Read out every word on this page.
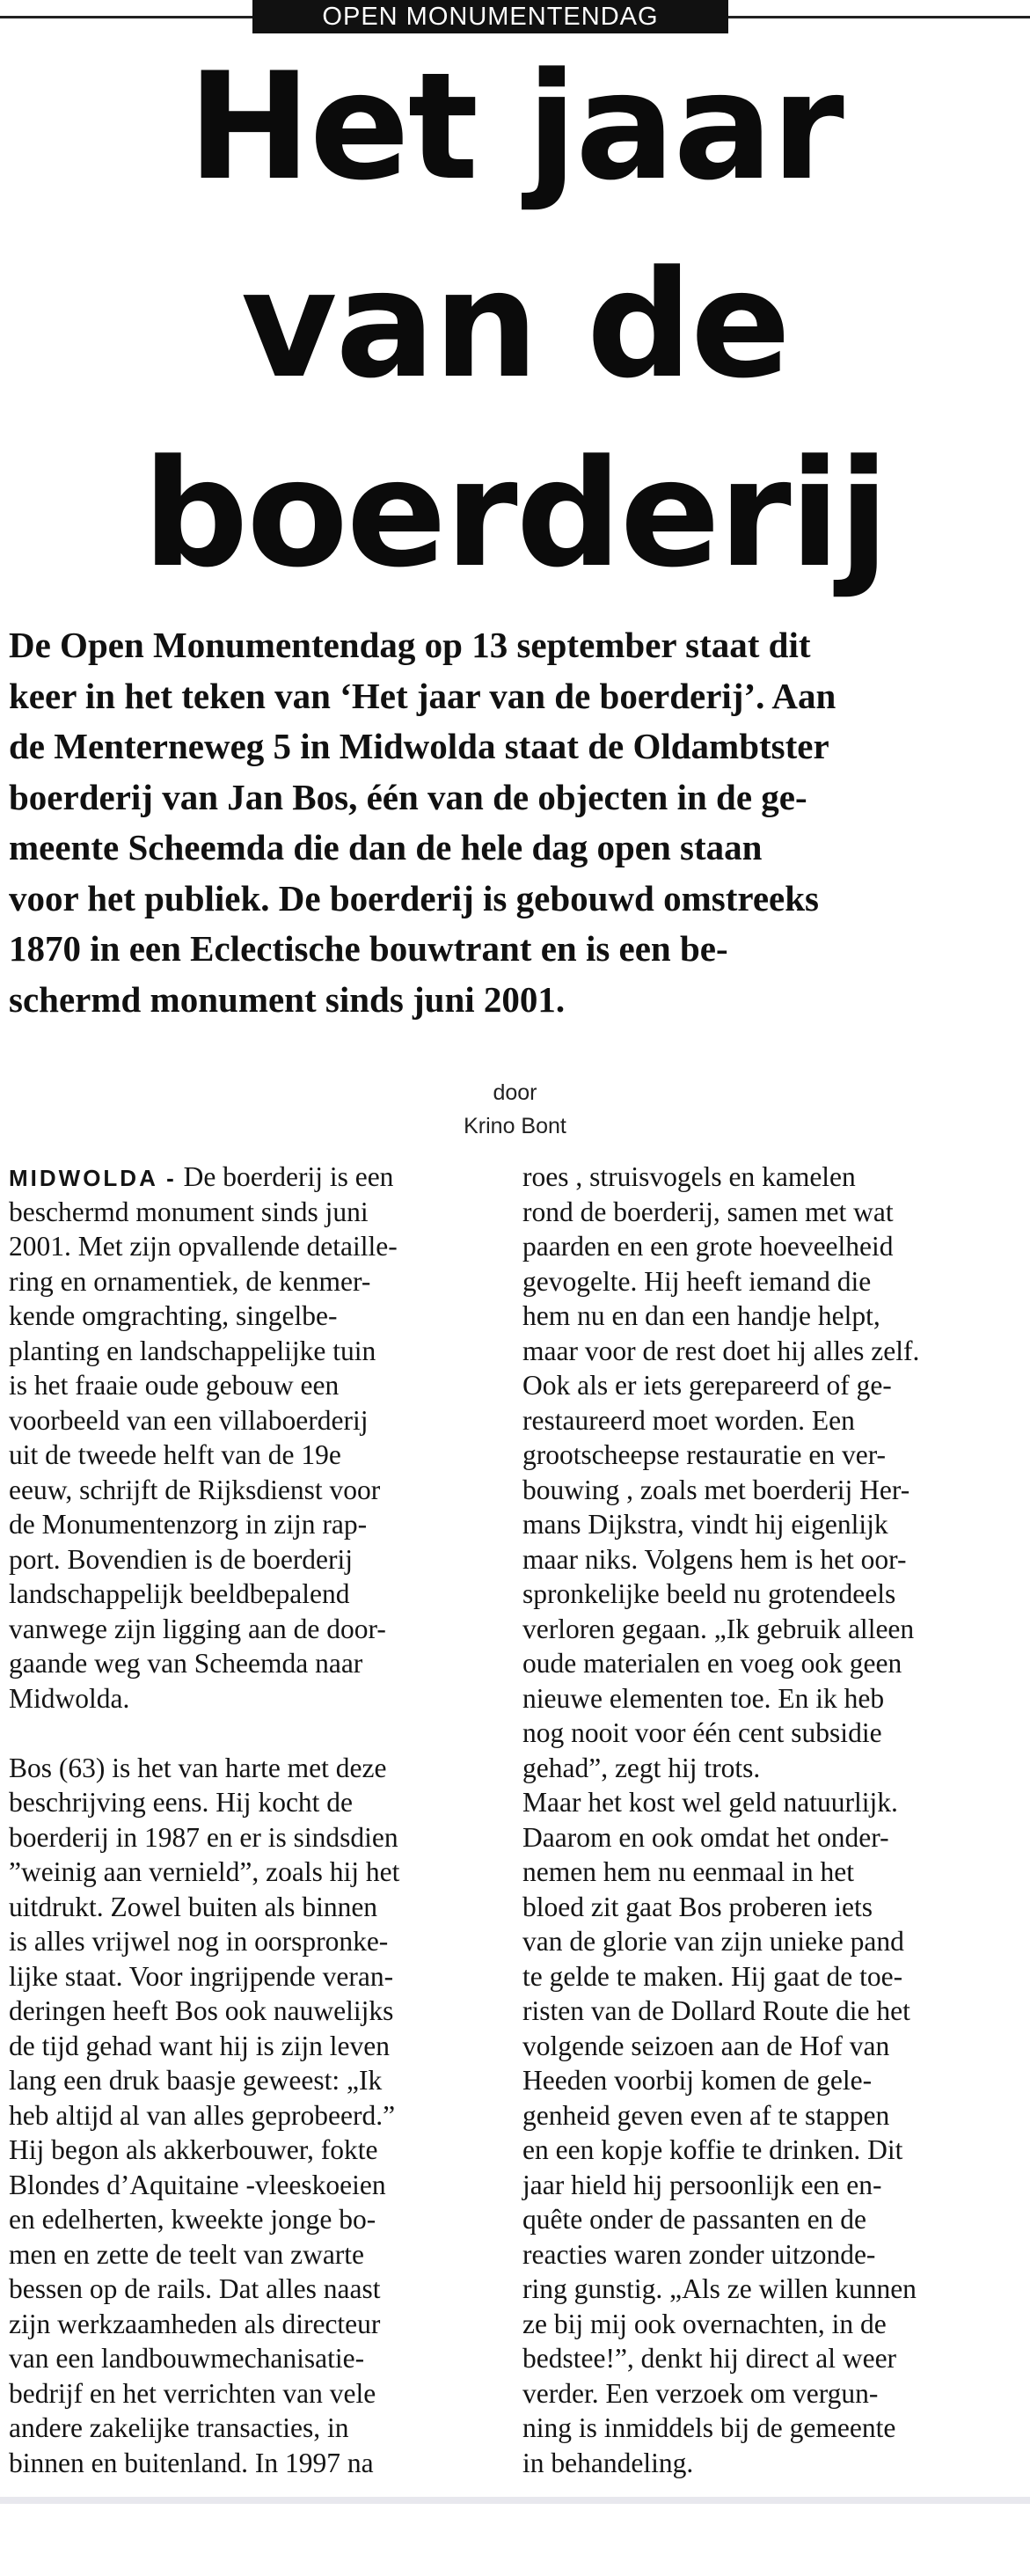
OPEN MONUMENTENDAG
Het jaar
van de
boerderij
De Open Monumentendag op 13 september staat dit
keer in het teken van ‘Het jaar van de boerderij’. Aan
de Menterneweg 5 in Midwolda staat de Oldambtster
boerderij van Jan Bos, één van de objecten in de ge-
meente Scheemda die dan de hele dag open staan
voor het publiek. De boerderij is gebouwd omstreeks
1870 in een Eclectische bouwtrant en is een be-
schermd monument sinds juni 2001.
door
Krino Bont
MIDWOLDA - De boerderij is een
beschermd monument sinds juni
2001. Met zijn opvallende detaille-
ring en ornamentiek, de kenmer-
kende omgrachting, singelbe-
planting en landschappelijke tuin
is het fraaie oude gebouw een
voorbeeld van een villaboerderij
uit de tweede helft van de 19e
eeuw, schrijft de Rijksdienst voor
de Monumentenzorg in zijn rap-
port. Bovendien is de boerderij
landschappelijk beeldbepalend
vanwege zijn ligging aan de door-
gaande weg van Scheemda naar
Midwolda.
Bos (63) is het van harte met deze
beschrijving eens. Hij kocht de
boerderij in 1987 en er is sindsdien
”weinig aan vernield”, zoals hij het
uitdrukt. Zowel buiten als binnen
is alles vrijwel nog in oorspronke-
lijke staat. Voor ingrijpende veran-
deringen heeft Bos ook nauwelijks
de tijd gehad want hij is zijn leven
lang een druk baasje geweest: „Ik
heb altijd al van alles geprobeerd.”
Hij begon als akkerbouwer, fokte
Blondes d’Aquitaine -vleeskoeien
en edelherten, kweekte jonge bo-
men en zette de teelt van zwarte
bessen op de rails. Dat alles naast
zijn werkzaamheden als directeur
van een landbouwmechanisatie-
bedrijf en het verrichten van vele
andere zakelijke transacties, in
binnen en buitenland. In 1997 na
roes , struisvogels en kamelen
rond de boerderij, samen met wat
paarden en een grote hoeveelheid
gevogelte. Hij heeft iemand die
hem nu en dan een handje helpt,
maar voor de rest doet hij alles zelf.
Ook als er iets gerepareerd of ge-
restaureerd moet worden. Een
grootscheepse restauratie en ver-
bouwing , zoals met boerderij Her-
mans Dijkstra, vindt hij eigenlijk
maar niks. Volgens hem is het oor-
spronkelijke beeld nu grotendeels
verloren gegaan. „Ik gebruik alleen
oude materialen en voeg ook geen
nieuwe elementen toe. En ik heb
nog nooit voor één cent subsidie
gehad”, zegt hij trots.
Maar het kost wel geld natuurlijk.
Daarom en ook omdat het onder-
nemen hem nu eenmaal in het
bloed zit gaat Bos proberen iets
van de glorie van zijn unieke pand
te gelde te maken. Hij gaat de toe-
risten van de Dollard Route die het
volgende seizoen aan de Hof van
Heeden voorbij komen de gele-
genheid geven even af te stappen
en een kopje koffie te drinken. Dit
jaar hield hij persoonlijk een en-
quête onder de passanten en de
reacties waren zonder uitzonde-
ring gunstig. „Als ze willen kunnen
ze bij mij ook overnachten, in de
bedstee!”, denkt hij direct al weer
verder. Een verzoek om vergun-
ning is inmiddels bij de gemeente
in behandeling.
